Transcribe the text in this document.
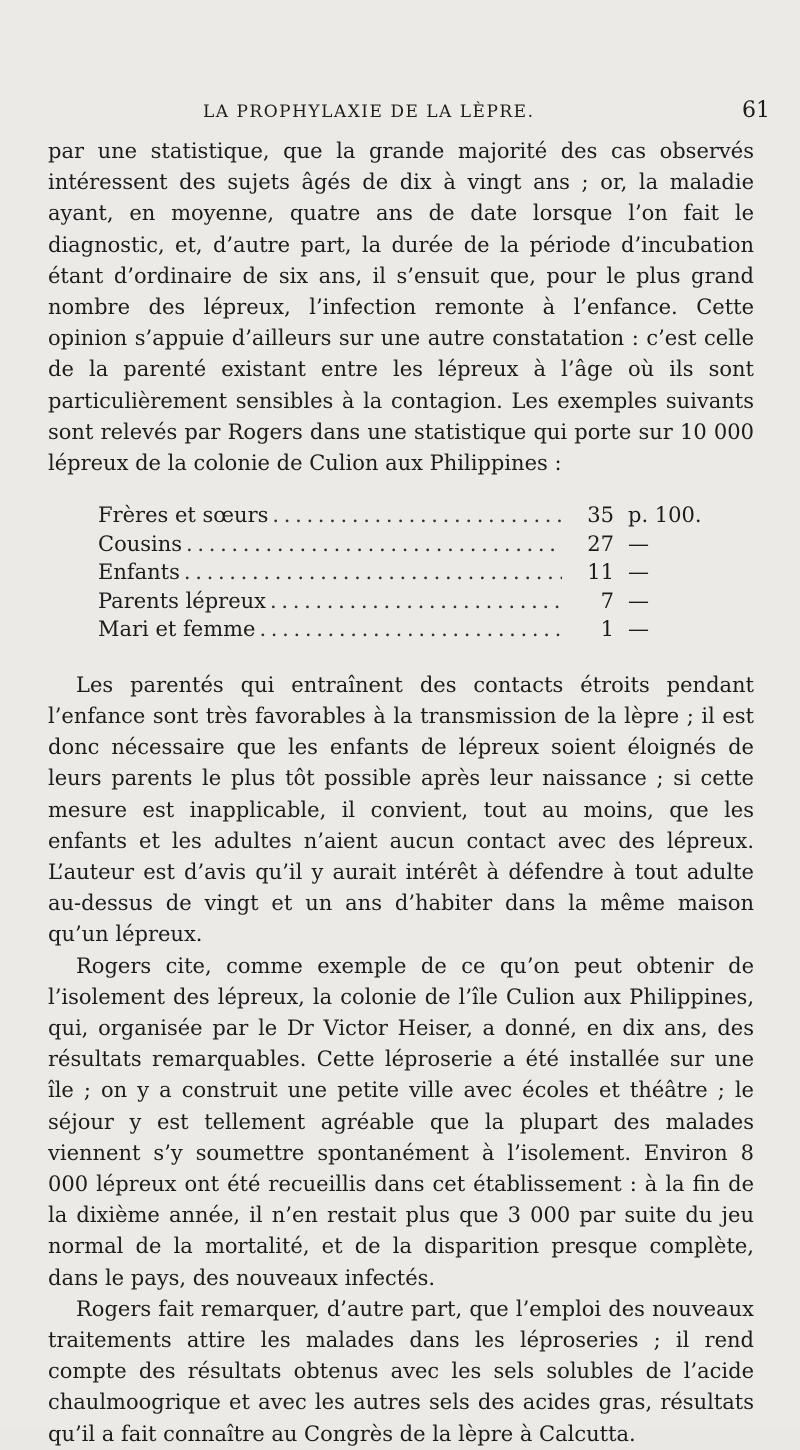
LA PROPHYLAXIE DE LA LÈPRE.	61

par une statistique, que la grande majorité des cas observés intéressent des sujets âgés de dix à vingt ans ; or, la maladie ayant, en moyenne, quatre ans de date lorsque l’on fait le diagnostic, et, d’autre part, la durée de la période d’incubation étant d’ordinaire de six ans, il s’ensuit que, pour le plus grand nombre des lépreux, l’infection remonte à l’enfance. Cette opinion s’appuie d’ailleurs sur une autre constatation : c’est celle de la parenté existant entre les lépreux à l’âge où ils sont particulièrement sensibles à la contagion. Les exemples suivants sont relevés par Rogers dans une statistique qui porte sur 10 000 lépreux de la colonie de Culion aux Philippines :

Frères et sœurs . . .	35 p. 100.
Cousins . . .	27 —
Enfants . . .	11 —
Parents lépreux . . .	7 —
Mari et femme . . .	1 —

Les parentés qui entraînent des contacts étroits pendant l’enfance sont très favorables à la transmission de la lèpre ; il est donc nécessaire que les enfants de lépreux soient éloignés de leurs parents le plus tôt possible après leur naissance ; si cette mesure est inapplicable, il convient, tout au moins, que les enfants et les adultes n’aient aucun contact avec des lépreux. L’auteur est d’avis qu’il y aurait intérêt à défendre à tout adulte au-dessus de vingt et un ans d’habiter dans la même maison qu’un lépreux.

Rogers cite, comme exemple de ce qu’on peut obtenir de l’isolement des lépreux, la colonie de l’île Culion aux Philippines, qui, organisée par le Dr Victor Heiser, a donné, en dix ans, des résultats remarquables. Cette léproserie a été installée sur une île ; on y a construit une petite ville avec écoles et théâtre ; le séjour y est tellement agréable que la plupart des malades viennent s’y soumettre spontanément à l’isolement. Environ 8 000 lépreux ont été recueillis dans cet établissement : à la fin de la dixième année, il n’en restait plus que 3 000 par suite du jeu normal de la mortalité, et de la disparition presque complète, dans le pays, des nouveaux infectés.

Rogers fait remarquer, d’autre part, que l’emploi des nouveaux traitements attire les malades dans les léproseries ; il rend compte des résultats obtenus avec les sels solubles de l’acide chaulmoogrique et avec les autres sels des acides gras, résultats qu’il a fait connaître au Congrès de la lèpre à Calcutta.
